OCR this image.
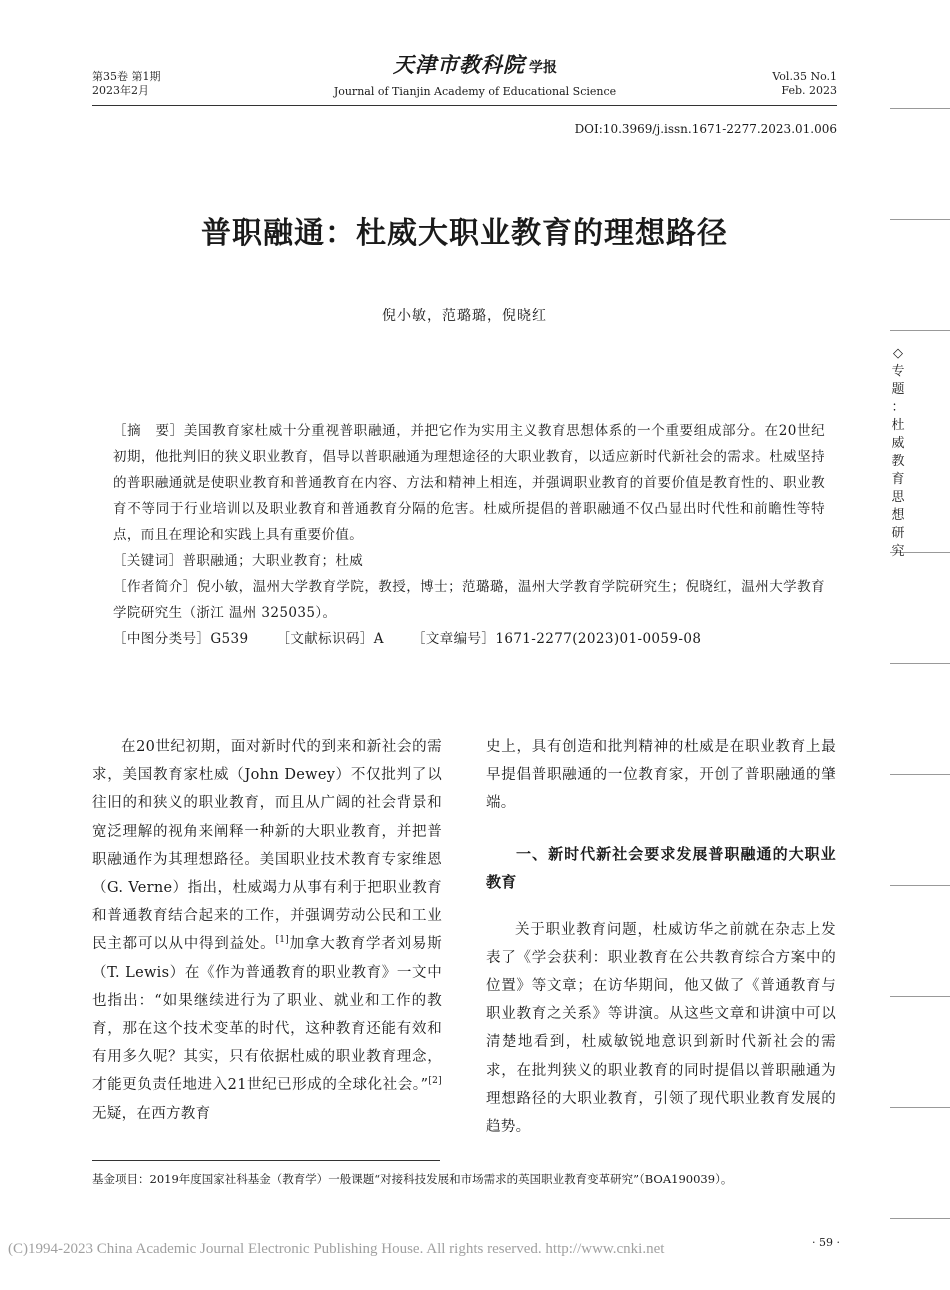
第35卷 第1期
2023年2月
天津市教科院 学报
Journal of Tianjin Academy of Educational Science
Vol.35 No.1
Feb. 2023
DOI:10.3969/j.issn.1671-2277.2023.01.006
普职融通：杜威大职业教育的理想路径
倪小敏，范璐璐，倪晓红
◇
专
题
：
杜
威
教
育
思
想
研
究

［摘　要］美国教育家杜威十分重视普职融通，并把它作为实用主义教育思想体系的一个重要组成部分。在20世纪初期，他批判旧的狭义职业教育，倡导以普职融通为理想途径的大职业教育，以适应新时代新社会的需求。杜威坚持的普职融通就是使职业教育和普通教育在内容、方法和精神上相连，并强调职业教育的首要价值是教育性的、职业教育不等同于行业培训以及职业教育和普通教育分隔的危害。杜威所提倡的普职融通不仅凸显出时代性和前瞻性等特点，而且在理论和实践上具有重要价值。

［关键词］普职融通；大职业教育；杜威

［作者简介］倪小敏，温州大学教育学院，教授，博士；范璐璐，温州大学教育学院研究生；倪晓红，温州大学教育学院研究生（浙江 温州 325035）。

［中图分类号］G539 ［文献标识码］A ［文章编号］1671-2277(2023)01-0059-08

在20世纪初期，面对新时代的到来和新社会的需求，美国教育家杜威（John Dewey）不仅批判了以往旧的和狭义的职业教育，而且从广阔的社会背景和宽泛理解的视角来阐释一种新的大职业教育，并把普职融通作为其理想路径。美国职业技术教育专家维恩（G. Verne）指出，杜威竭力从事有利于把职业教育和普通教育结合起来的工作，并强调劳动公民和工业民主都可以从中得到益处。[1]加拿大教育学者刘易斯（T. Lewis）在《作为普通教育的职业教育》一文中也指出：“如果继续进行为了职业、就业和工作的教育，那在这个技术变革的时代，这种教育还能有效和有用多久呢？其实，只有依据杜威的职业教育理念，才能更负责任地进入21世纪已形成的全球化社会。”[2]无疑，在西方教育

史上，具有创造和批判精神的杜威是在职业教育上最早提倡普职融通的一位教育家，开创了普职融通的肇端。

一、新时代新社会要求发展普职融通的大职业教育

关于职业教育问题，杜威访华之前就在杂志上发表了《学会获利：职业教育在公共教育综合方案中的位置》等文章；在访华期间，他又做了《普通教育与职业教育之关系》等讲演。从这些文章和讲演中可以清楚地看到，杜威敏锐地意识到新时代新社会的需求，在批判狭义的职业教育的同时提倡以普职融通为理想路径的大职业教育，引领了现代职业教育发展的趋势。

基金项目：2019年度国家社科基金（教育学）一般课题“对接科技发展和市场需求的英国职业教育变革研究”（BOA190039）。
(C)1994-2023 China Academic Journal Electronic Publishing House. All rights reserved. http://www.cnki.net	· 59 ·
